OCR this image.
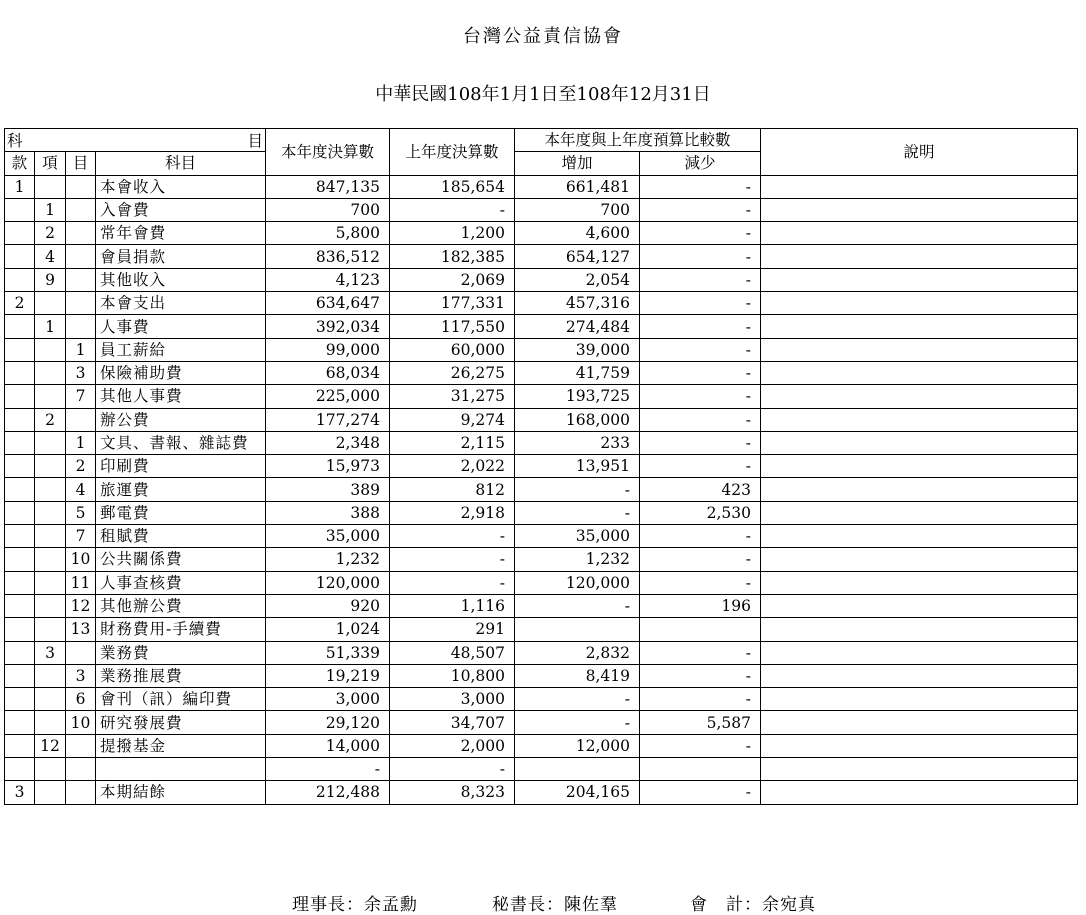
台灣公益責信協會
中華民國108年1月1日至108年12月31日
科 目				本年度決算數	上年度決算數	本年度與上年度預算比較數		說明
款	項	目	科目			增加	減少	
1			本會收入	847,135	185,654	661,481	-	
	1		入會費	700	-	700	-	
	2		常年會費	5,800	1,200	4,600	-	
	4		會員捐款	836,512	182,385	654,127	-	
	9		其他收入	4,123	2,069	2,054	-	
2			本會支出	634,647	177,331	457,316	-	
	1		人事費	392,034	117,550	274,484	-	
		1	員工薪給	99,000	60,000	39,000	-	
		3	保險補助費	68,034	26,275	41,759	-	
		7	其他人事費	225,000	31,275	193,725	-	
	2		辦公費	177,274	9,274	168,000	-	
		1	文具、書報、雜誌費	2,348	2,115	233	-	
		2	印刷費	15,973	2,022	13,951	-	
		4	旅運費	389	812	-	423	
		5	郵電費	388	2,918	-	2,530	
		7	租賦費	35,000	-	35,000	-	
		10	公共關係費	1,232	-	1,232	-	
		11	人事查核費	120,000	-	120,000	-	
		12	其他辦公費	920	1,116	-	196	
		13	財務費用-手續費	1,024	291			
	3		業務費	51,339	48,507	2,832	-	
		3	業務推展費	19,219	10,800	8,419	-	
		6	會刊（訊）編印費	3,000	3,000	-	-	
		10	研究發展費	29,120	34,707	-	5,587	
	12		提撥基金	14,000	2,000	12,000	-	
				-	-			
3			本期結餘	212,488	8,323	204,165	-	
理事長：余孟勳	秘書長：陳佐羣	會　計：余宛真
